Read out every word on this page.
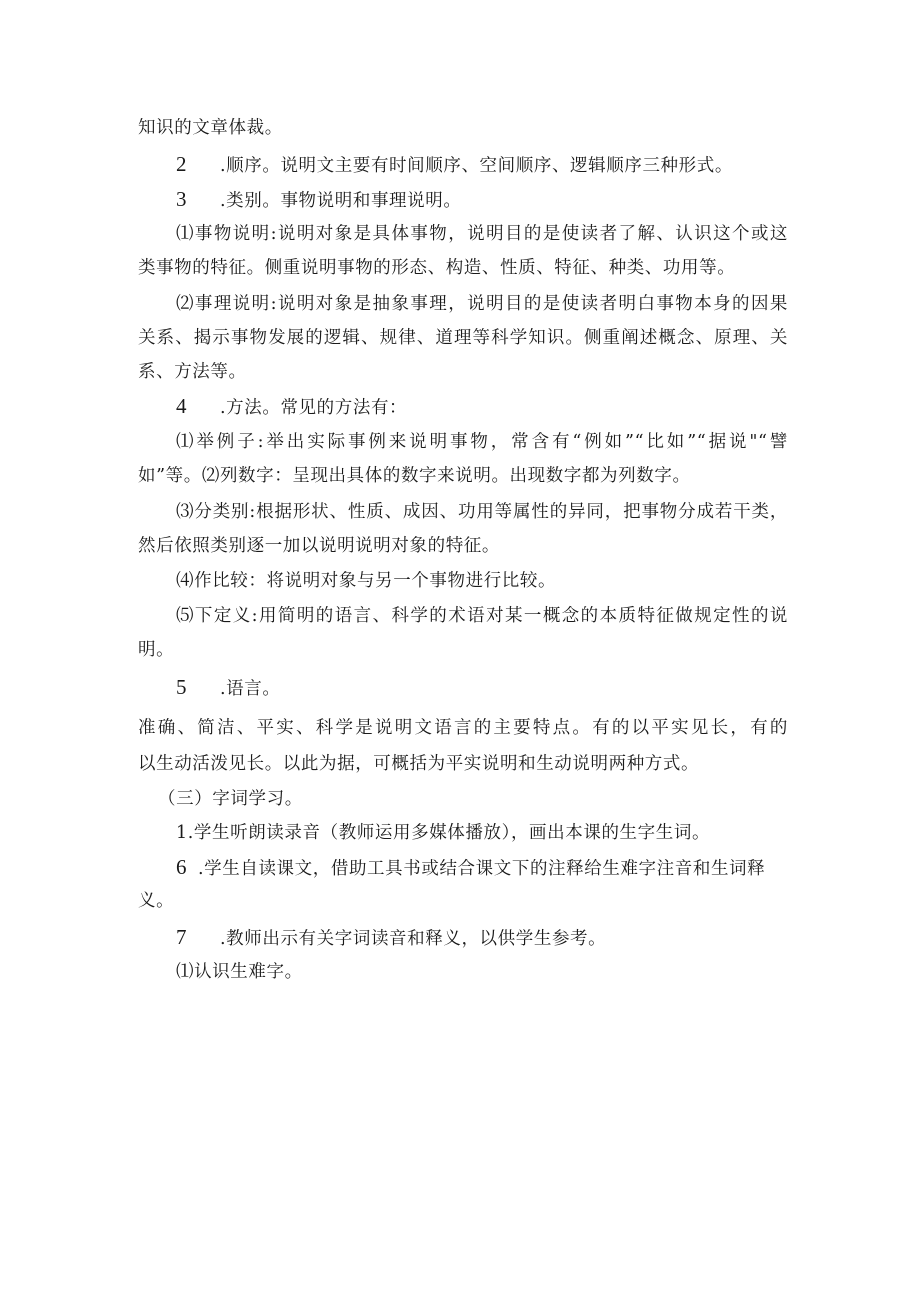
知识的文章体裁。
2 .顺序。说明文主要有时间顺序、空间顺序、逻辑顺序三种形式。
3 .类别。事物说明和事理说明。
⑴事物说明:说明对象是具体事物，说明目的是使读者了解、认识这个或这
类事物的特征。侧重说明事物的形态、构造、性质、特征、种类、功用等。
⑵事理说明:说明对象是抽象事理，说明目的是使读者明白事物本身的因果
关系、揭示事物发展的逻辑、规律、道理等科学知识。侧重阐述概念、原理、关
系、方法等。
4 .方法。常见的方法有：
⑴举例子:举出实际事例来说明事物，常含有“例如”“比如”“据说"“譬
如”等。⑵列数字：呈现出具体的数字来说明。出现数字都为列数字。
⑶分类别:根据形状、性质、成因、功用等属性的异同，把事物分成若干类，
然后依照类别逐一加以说明说明对象的特征。
⑷作比较：将说明对象与另一个事物进行比较。
⑸下定义:用简明的语言、科学的术语对某一概念的本质特征做规定性的说
明。
5 .语言。
准确、简洁、平实、科学是说明文语言的主要特点。有的以平实见长，有的
以生动活泼见长。以此为据，可概括为平实说明和生动说明两种方式。
（三）字词学习。
1.学生听朗读录音（教师运用多媒体播放），画出本课的生字生词。
6 .学生自读课文，借助工具书或结合课文下的注释给生难字注音和生词释
义。
7 .教师出示有关字词读音和释义，以供学生参考。
⑴认识生难字。
